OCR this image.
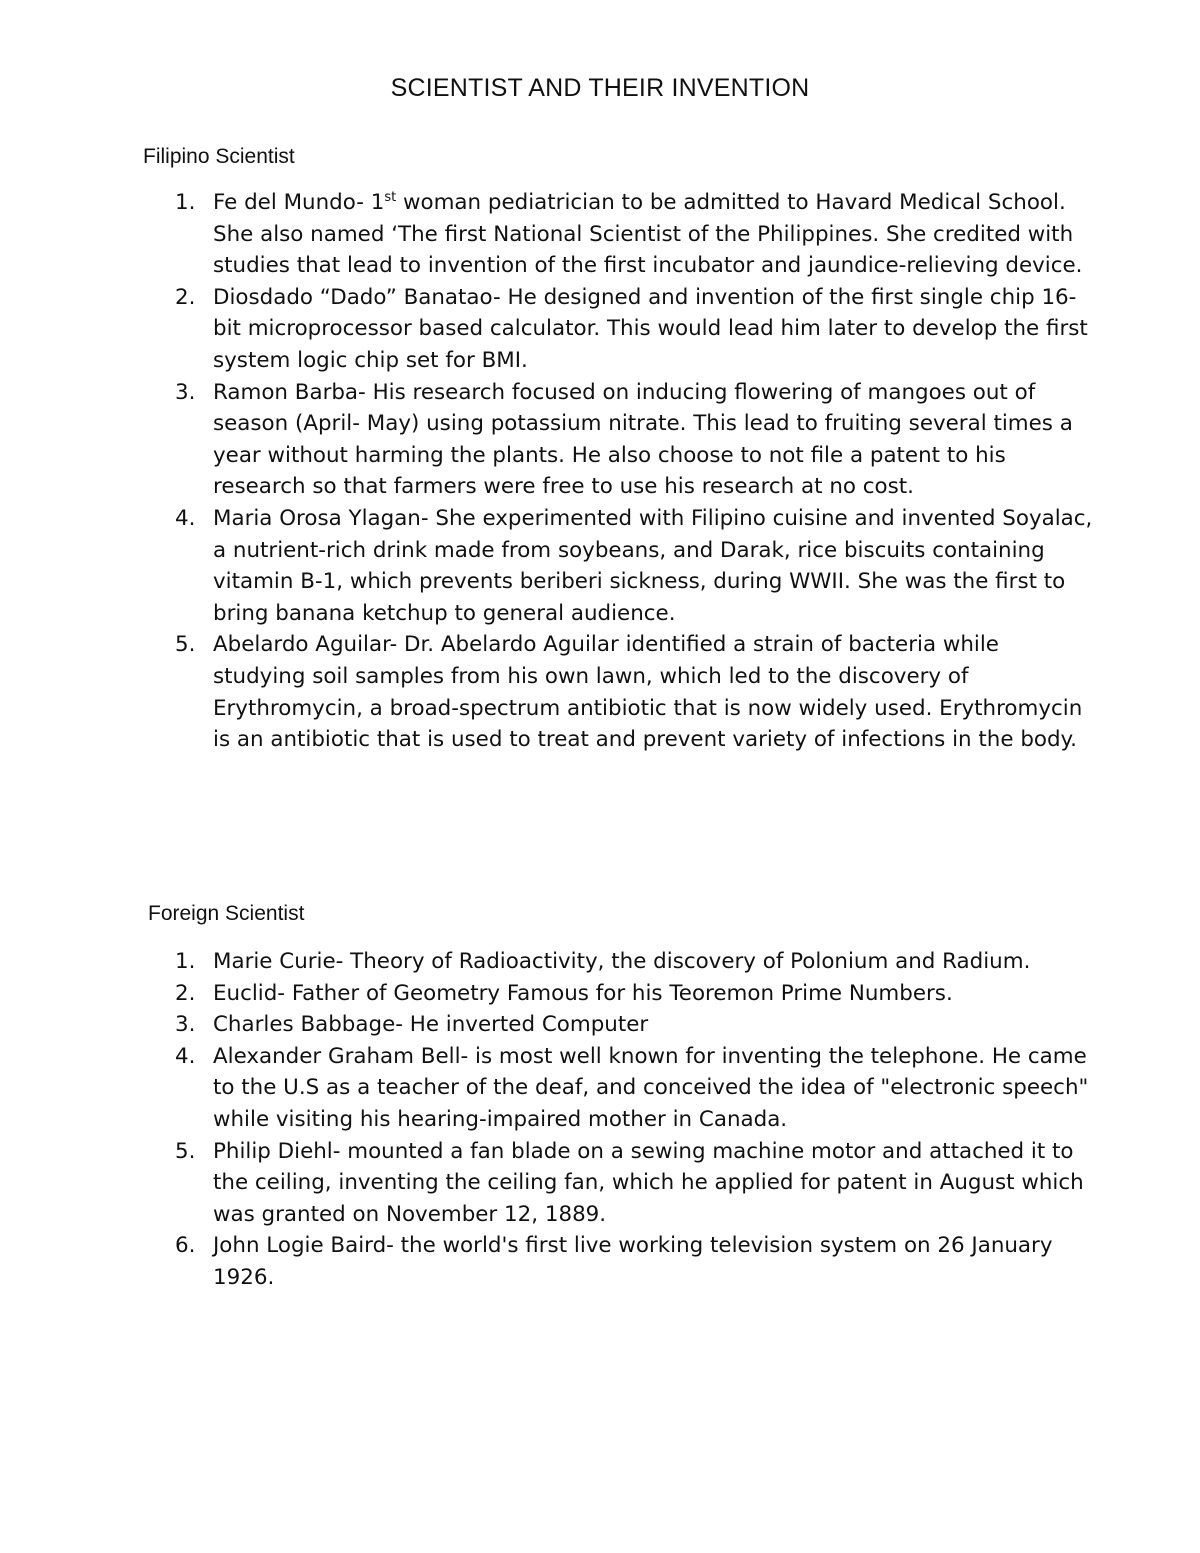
SCIENTIST AND THEIR INVENTION
Filipino Scientist
1. Fe del Mundo- 1st woman pediatrician to be admitted to Havard Medical School. She also named ‘The first National Scientist of the Philippines. She credited with studies that lead to invention of the first incubator and jaundice-relieving device.
2. Diosdado “Dado” Banatao- He designed and invention of the first single chip 16-bit microprocessor based calculator. This would lead him later to develop the first system logic chip set for BMI.
3. Ramon Barba- His research focused on inducing flowering of mangoes out of season (April- May) using potassium nitrate. This lead to fruiting several times a year without harming the plants. He also choose to not file a patent to his research so that farmers were free to use his research at no cost.
4. Maria Orosa Ylagan- She experimented with Filipino cuisine and invented Soyalac, a nutrient-rich drink made from soybeans, and Darak, rice biscuits containing vitamin B-1, which prevents beriberi sickness, during WWII. She was the first to bring banana ketchup to general audience.
5. Abelardo Aguilar- Dr. Abelardo Aguilar identified a strain of bacteria while studying soil samples from his own lawn, which led to the discovery of Erythromycin, a broad-spectrum antibiotic that is now widely used. Erythromycin is an antibiotic that is used to treat and prevent variety of infections in the body.
Foreign Scientist
1. Marie Curie- Theory of Radioactivity, the discovery of Polonium and Radium.
2. Euclid- Father of Geometry Famous for his Teoremon Prime Numbers.
3. Charles Babbage- He inverted Computer
4. Alexander Graham Bell- is most well known for inventing the telephone. He came to the U.S as a teacher of the deaf, and conceived the idea of "electronic speech" while visiting his hearing-impaired mother in Canada.
5. Philip Diehl- mounted a fan blade on a sewing machine motor and attached it to the ceiling, inventing the ceiling fan, which he applied for patent in August which was granted on November 12, 1889.
6. John Logie Baird- the world's first live working television system on 26 January 1926.
